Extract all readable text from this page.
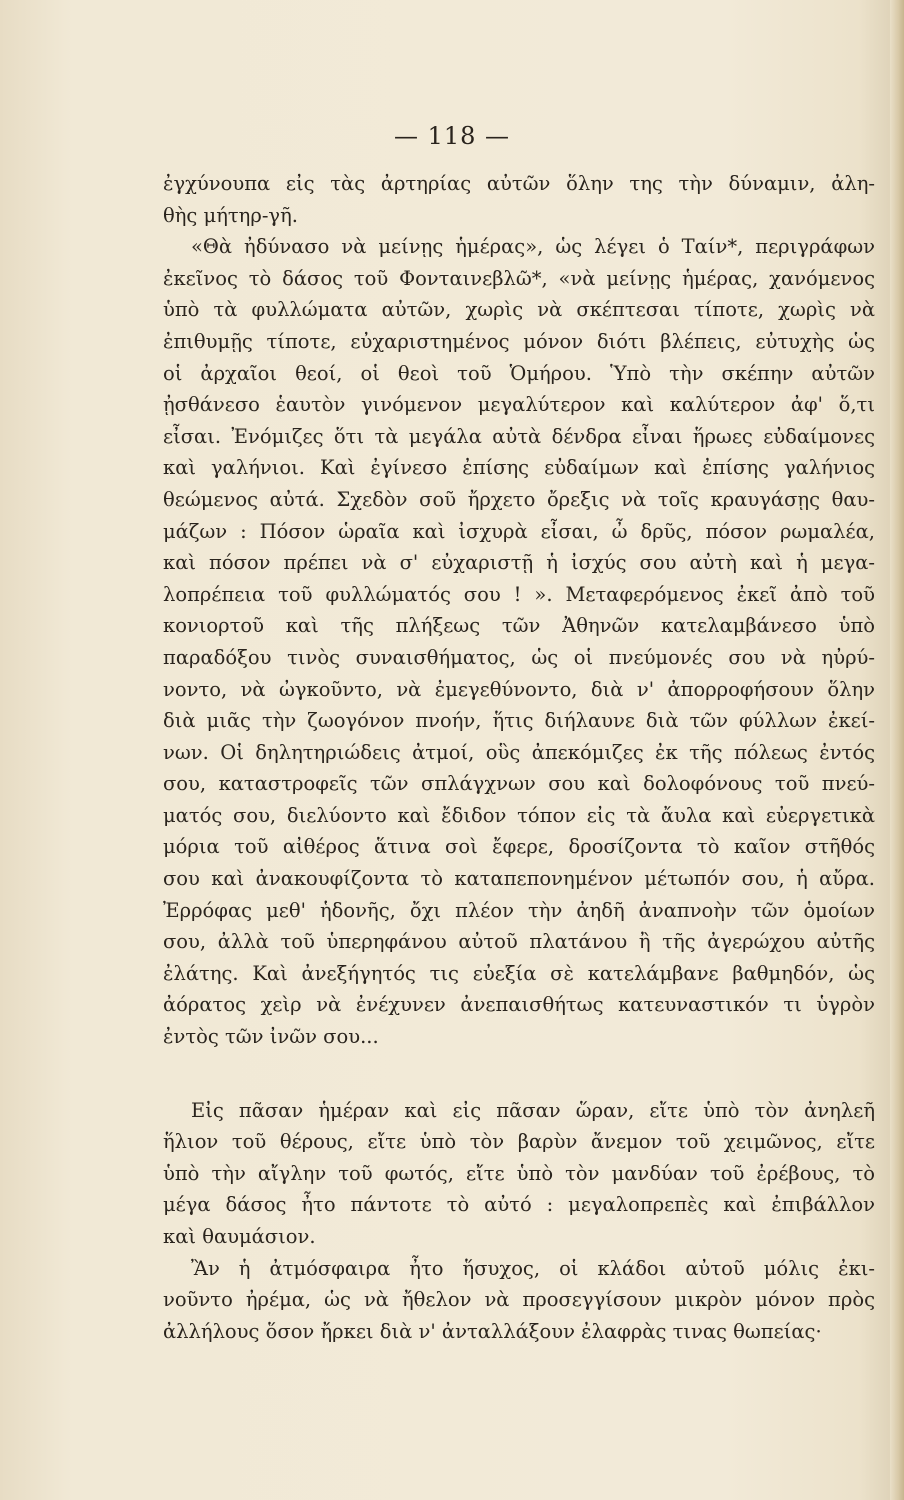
— 118 —
ἐγχύνουπα εἰς τὰς ἀρτηρίας αὐτῶν ὅλην της τὴν δύναμιν, ἀλη-
θὴς μήτηρ-γῆ.
«Θὰ ἠδύνασο νὰ μείνῃς ἡμέρας», ὡς λέγει ὁ Ταίν*, περιγράφων
ἐκεῖνος τὸ δάσος τοῦ Φονταινεβλῶ*, «νὰ μείνῃς ἡμέρας, χανόμενος
ὑπὸ τὰ φυλλώματα αὐτῶν, χωρὶς νὰ σκέπτεσαι τίποτε, χωρὶς νὰ
ἐπιθυμῇς τίποτε, εὐχαριστημένος μόνον διότι βλέπεις, εὐτυχὴς ὡς
οἱ ἀρχαῖοι θεοί, οἱ θεοὶ τοῦ Ὁμήρου. Ὑπὸ τὴν σκέπην αὐτῶν
ᾐσθάνεσο ἑαυτὸν γινόμενον μεγαλύτερον καὶ καλύτερον ἀφ' ὅ,τι
εἶσαι. Ἐνόμιζες ὅτι τὰ μεγάλα αὐτὰ δένδρα εἶναι ἥρωες εὐδαίμονες
καὶ γαλήνιοι. Καὶ ἐγίνεσο ἐπίσης εὐδαίμων καὶ ἐπίσης γαλήνιος
θεώμενος αὐτά. Σχεδὸν σοῦ ἤρχετο ὄρεξις νὰ τοῖς κραυγάσῃς θαυ-
μάζων : Πόσον ὡραῖα καὶ ἰσχυρὰ εἶσαι, ὦ δρῦς, πόσον ρωμαλέα,
καὶ πόσον πρέπει νὰ σ' εὐχαριστῇ ἡ ἰσχύς σου αὐτὴ καὶ ἡ μεγα-
λοπρέπεια τοῦ φυλλώματός σου ! ». Μεταφερόμενος ἐκεῖ ἀπὸ τοῦ
κονιορτοῦ καὶ τῆς πλήξεως τῶν Ἀθηνῶν κατελαμβάνεσο ὑπὸ
παραδόξου τινὸς συναισθήματος, ὡς οἱ πνεύμονές σου νὰ ηὐρύ-
νοντο, νὰ ὠγκοῦντο, νὰ ἐμεγεθύνοντο, διὰ ν' ἀπορροφήσουν ὅλην
διὰ μιᾶς τὴν ζωογόνον πνοήν, ἥτις διήλαυνε διὰ τῶν φύλλων ἐκεί-
νων. Οἱ δηλητηριώδεις ἀτμοί, οὓς ἀπεκόμιζες ἐκ τῆς πόλεως ἐντός
σου, καταστροφεῖς τῶν σπλάγχνων σου καὶ δολοφόνους τοῦ πνεύ-
ματός σου, διελύοντο καὶ ἔδιδον τόπον εἰς τὰ ἄυλα καὶ εὐεργετικὰ
μόρια τοῦ αἰθέρος ἅτινα σοὶ ἔφερε, δροσίζοντα τὸ καῖον στῆθός
σου καὶ ἀνακουφίζοντα τὸ καταπεπονημένον μέτωπόν σου, ἡ αὔρα.
Ἐρρόφας μεθ' ἡδονῆς, ὄχι πλέον τὴν ἀηδῆ ἀναπνοὴν τῶν ὁμοίων
σου, ἀλλὰ τοῦ ὑπερηφάνου αὐτοῦ πλατάνου ἢ τῆς ἀγερώχου αὐτῆς
ἐλάτης. Καὶ ἀνεξήγητός τις εὐεξία σὲ κατελάμβανε βαθμηδόν, ὡς
ἀόρατος χεὶρ νὰ ἐνέχυνεν ἀνεπαισθήτως κατευναστικόν τι ὑγρὸν
ἐντὸς τῶν ἰνῶν σου...
Εἰς πᾶσαν ἡμέραν καὶ εἰς πᾶσαν ὥραν, εἴτε ὑπὸ τὸν ἀνηλεῆ
ἥλιον τοῦ θέρους, εἴτε ὑπὸ τὸν βαρὺν ἄνεμον τοῦ χειμῶνος, εἴτε
ὑπὸ τὴν αἴγλην τοῦ φωτός, εἴτε ὑπὸ τὸν μανδύαν τοῦ ἐρέβους, τὸ
μέγα δάσος ἦτο πάντοτε τὸ αὐτό : μεγαλοπρεπὲς καὶ ἐπιβάλλον
καὶ θαυμάσιον.
Ἂν ἡ ἀτμόσφαιρα ἦτο ἥσυχος, οἱ κλάδοι αὐτοῦ μόλις ἐκι-
νοῦντο ἠρέμα, ὡς νὰ ἤθελον νὰ προσεγγίσουν μικρὸν μόνον πρὸς
ἀλλήλους ὅσον ἤρκει διὰ ν' ἀνταλλάξουν ἐλαφρὰς τινας θωπείας·
